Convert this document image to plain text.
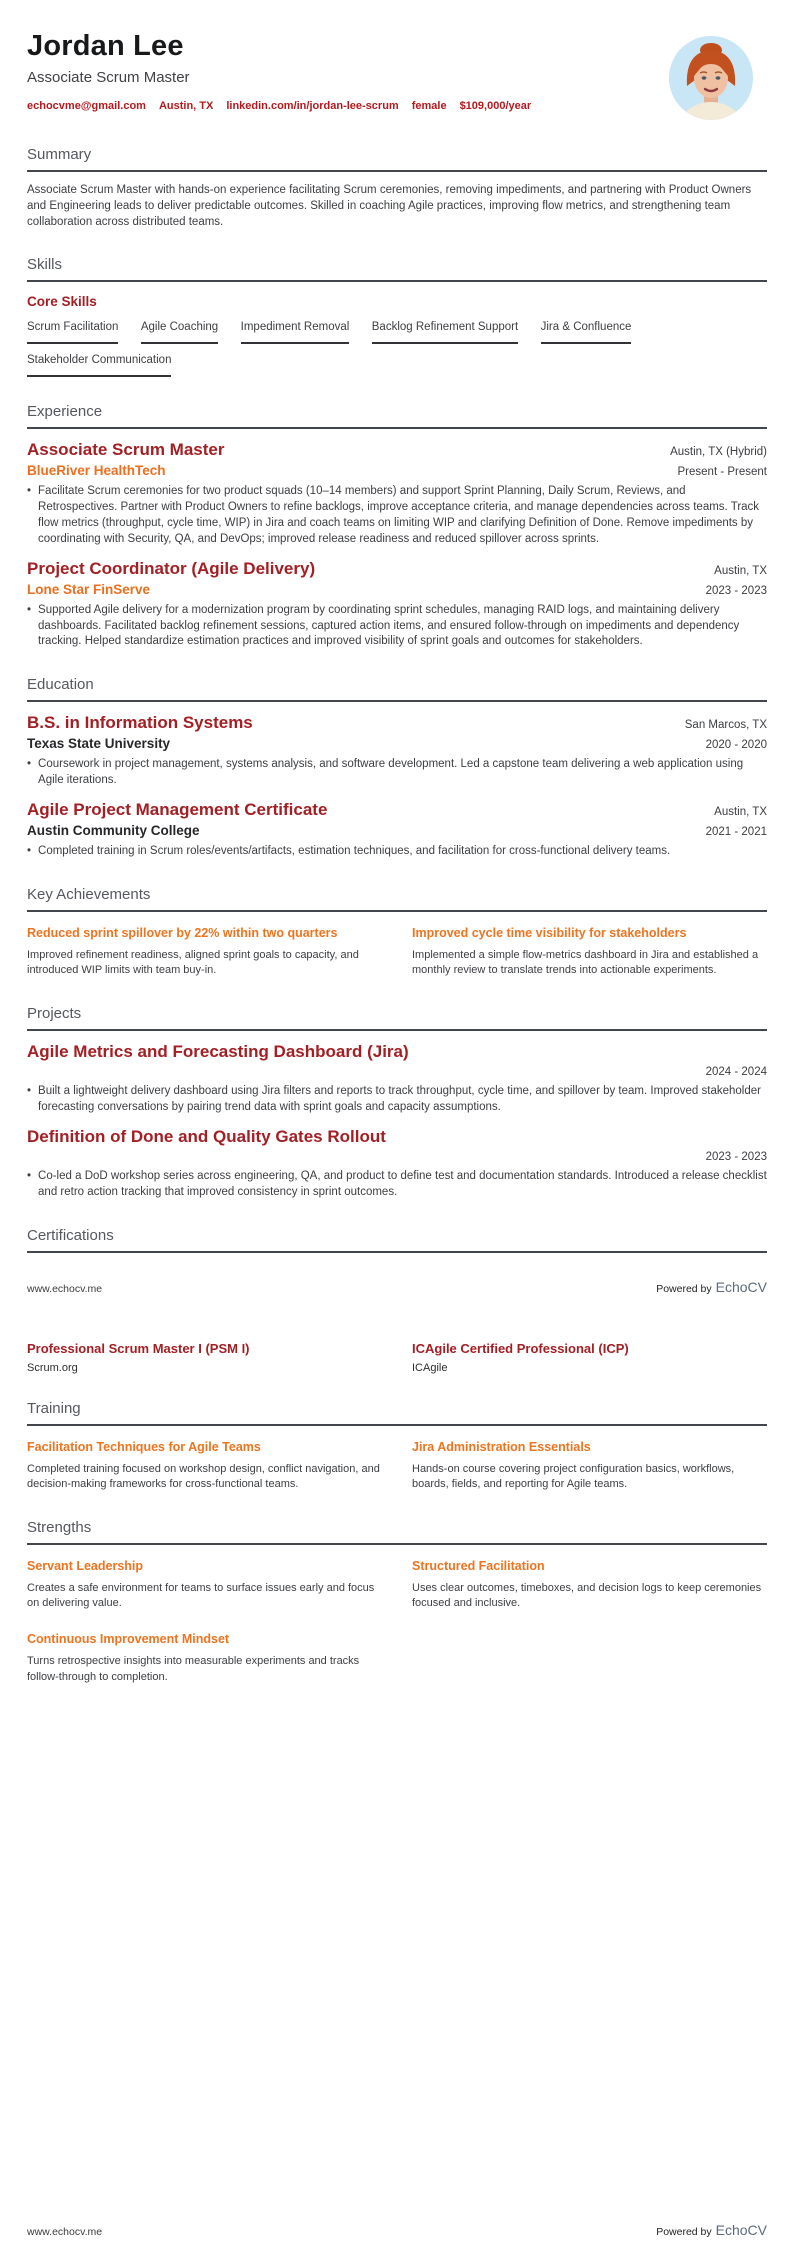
Jordan Lee
Associate Scrum Master
echocvme@gmail.com Austin, TX linkedin.com/in/jordan-lee-scrum female $109,000/year
Summary
Associate Scrum Master with hands-on experience facilitating Scrum ceremonies, removing impediments, and partnering with Product Owners and Engineering leads to deliver predictable outcomes. Skilled in coaching Agile practices, improving flow metrics, and strengthening team collaboration across distributed teams.
Skills
Core Skills
Scrum Facilitation Agile Coaching Impediment Removal Backlog Refinement Support Jira & Confluence Stakeholder Communication
Experience
Associate Scrum Master	Austin, TX (Hybrid)
BlueRiver HealthTech	Present - Present
• Facilitate Scrum ceremonies for two product squads (10–14 members) and support Sprint Planning, Daily Scrum, Reviews, and Retrospectives. Partner with Product Owners to refine backlogs, improve acceptance criteria, and manage dependencies across teams. Track flow metrics (throughput, cycle time, WIP) in Jira and coach teams on limiting WIP and clarifying Definition of Done. Remove impediments by coordinating with Security, QA, and DevOps; improved release readiness and reduced spillover across sprints.
Project Coordinator (Agile Delivery)	Austin, TX
Lone Star FinServe	2023 - 2023
• Supported Agile delivery for a modernization program by coordinating sprint schedules, managing RAID logs, and maintaining delivery dashboards. Facilitated backlog refinement sessions, captured action items, and ensured follow-through on impediments and dependency tracking. Helped standardize estimation practices and improved visibility of sprint goals and outcomes for stakeholders.
Education
B.S. in Information Systems	San Marcos, TX
Texas State University	2020 - 2020
• Coursework in project management, systems analysis, and software development. Led a capstone team delivering a web application using Agile iterations.
Agile Project Management Certificate	Austin, TX
Austin Community College	2021 - 2021
• Completed training in Scrum roles/events/artifacts, estimation techniques, and facilitation for cross-functional delivery teams.
Key Achievements
Reduced sprint spillover by 22% within two quarters
Improved refinement readiness, aligned sprint goals to capacity, and introduced WIP limits with team buy-in.
Improved cycle time visibility for stakeholders
Implemented a simple flow-metrics dashboard in Jira and established a monthly review to translate trends into actionable experiments.
Projects
Agile Metrics and Forecasting Dashboard (Jira)
2024 - 2024
• Built a lightweight delivery dashboard using Jira filters and reports to track throughput, cycle time, and spillover by team. Improved stakeholder forecasting conversations by pairing trend data with sprint goals and capacity assumptions.
Definition of Done and Quality Gates Rollout
2023 - 2023
• Co-led a DoD workshop series across engineering, QA, and product to define test and documentation standards. Introduced a release checklist and retro action tracking that improved consistency in sprint outcomes.
Certifications
www.echocv.me	Powered by EchoCV
Professional Scrum Master I (PSM I)
Scrum.org
ICAgile Certified Professional (ICP)
ICAgile
Training
Facilitation Techniques for Agile Teams
Completed training focused on workshop design, conflict navigation, and decision-making frameworks for cross-functional teams.
Jira Administration Essentials
Hands-on course covering project configuration basics, workflows, boards, fields, and reporting for Agile teams.
Strengths
Servant Leadership
Creates a safe environment for teams to surface issues early and focus on delivering value.
Structured Facilitation
Uses clear outcomes, timeboxes, and decision logs to keep ceremonies focused and inclusive.
Continuous Improvement Mindset
Turns retrospective insights into measurable experiments and tracks follow-through to completion.
www.echocv.me	Powered by EchoCV
